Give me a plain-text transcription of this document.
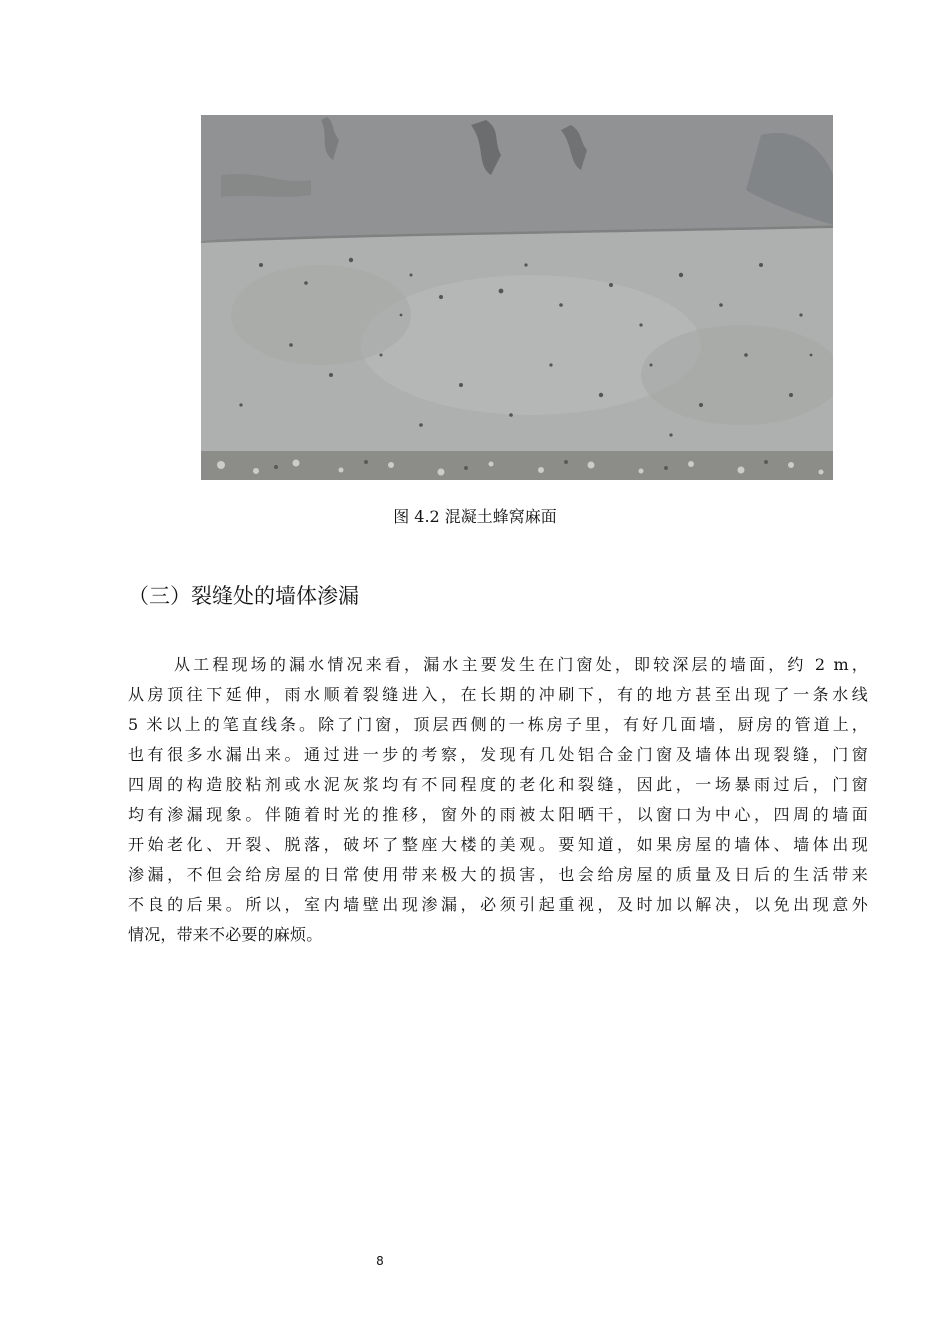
图 4.2 混凝土蜂窝麻面
（三）裂缝处的墙体渗漏
从工程现场的漏水情况来看，漏水主要发生在门窗处，即较深层的墙面，约 2 m，
从房顶往下延伸，雨水顺着裂缝进入，在长期的冲刷下，有的地方甚至出现了一条水线
5 米以上的笔直线条。除了门窗，顶层西侧的一栋房子里，有好几面墙，厨房的管道上，
也有很多水漏出来。通过进一步的考察，发现有几处铝合金门窗及墙体出现裂缝，门窗
四周的构造胶粘剂或水泥灰浆均有不同程度的老化和裂缝，因此，一场暴雨过后，门窗
均有渗漏现象。伴随着时光的推移，窗外的雨被太阳晒干，以窗口为中心，四周的墙面
开始老化、开裂、脱落，破坏了整座大楼的美观。要知道，如果房屋的墙体、墙体出现
渗漏，不但会给房屋的日常使用带来极大的损害，也会给房屋的质量及日后的生活带来
不良的后果。所以，室内墙壁出现渗漏，必须引起重视，及时加以解决，以免出现意外
情况，带来不必要的麻烦。
8
